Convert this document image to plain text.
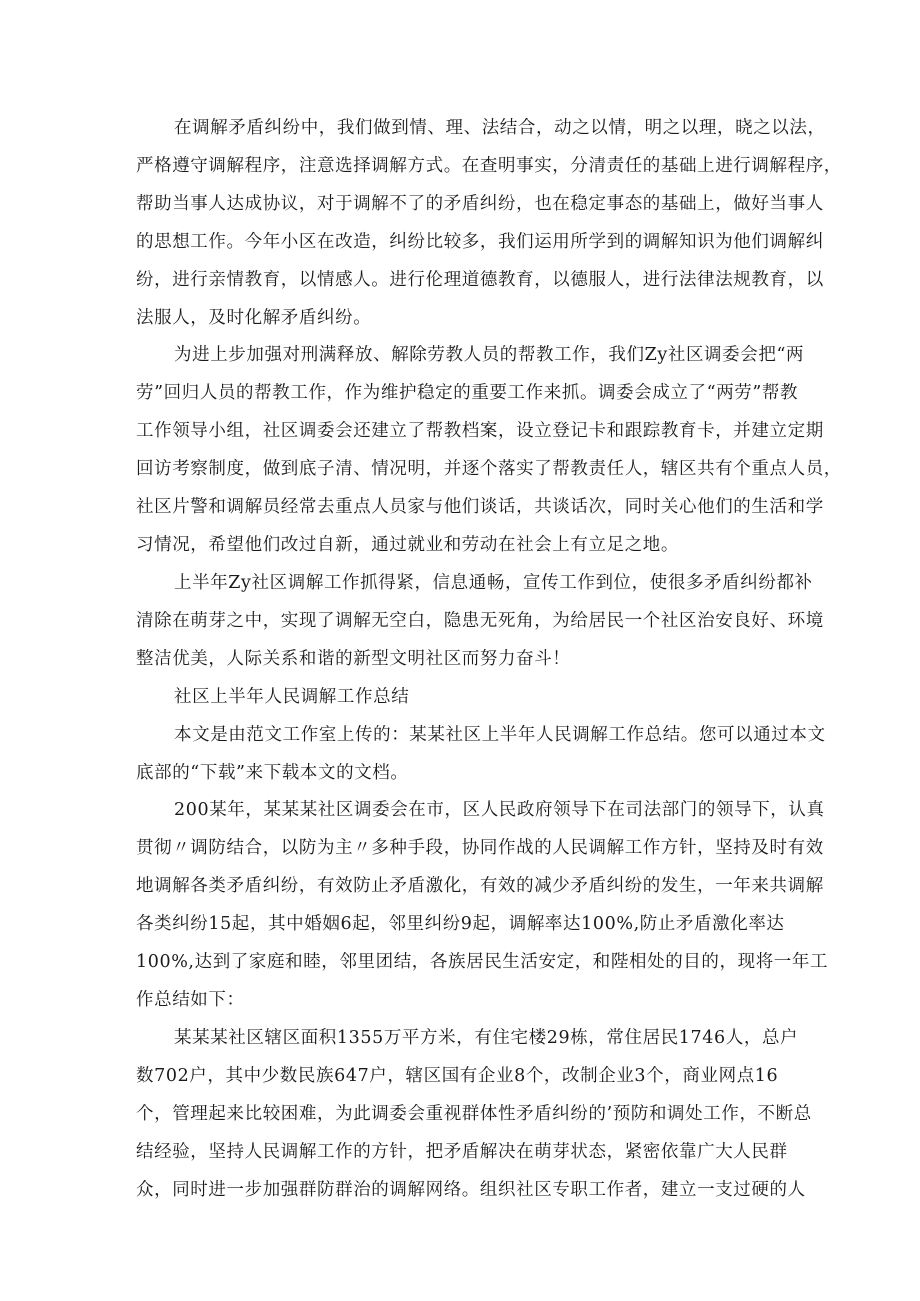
在调解矛盾纠纷中，我们做到情、理、法结合，动之以情，明之以理，晓之以法，

严格遵守调解程序，注意选择调解方式。在查明事实，分清责任的基础上进行调解程序，

帮助当事人达成协议，对于调解不了的矛盾纠纷，也在稳定事态的基础上，做好当事人

的思想工作。今年小区在改造，纠纷比较多，我们运用所学到的调解知识为他们调解纠

纷，进行亲情教育，以情感人。进行伦理道德教育，以德服人，进行法律法规教育，以

法服人，及时化解矛盾纠纷。

为进上步加强对刑满释放、解除劳教人员的帮教工作，我们Zy社区调委会把“两

劳”回归人员的帮教工作，作为维护稳定的重要工作来抓。调委会成立了“两劳”帮教

工作领导小组，社区调委会还建立了帮教档案，设立登记卡和跟踪教育卡，并建立定期

回访考察制度，做到底子清、情况明，并逐个落实了帮教责任人，辖区共有个重点人员，

社区片警和调解员经常去重点人员家与他们谈话，共谈话次，同时关心他们的生活和学

习情况，希望他们改过自新，通过就业和劳动在社会上有立足之地。

上半年Zy社区调解工作抓得紧，信息通畅，宣传工作到位，使很多矛盾纠纷都补

清除在萌芽之中，实现了调解无空白，隐患无死角，为给居民一个社区治安良好、环境

整洁优美，人际关系和谐的新型文明社区而努力奋斗！

社区上半年人民调解工作总结

本文是由范文工作室上传的：某某社区上半年人民调解工作总结。您可以通过本文

底部的“下载”来下载本文的文档。

200某年，某某某社区调委会在市，区人民政府领导下在司法部门的领导下，认真

贯彻〃调防结合，以防为主〃多种手段，协同作战的人民调解工作方针，坚持及时有效

地调解各类矛盾纠纷，有效防止矛盾激化，有效的减少矛盾纠纷的发生，一年来共调解

各类纠纷15起，其中婚姻6起，邻里纠纷9起，调解率达100%,防止矛盾激化率达

100%,达到了家庭和睦，邻里团结，各族居民生活安定，和陛相处的目的，现将一年工

作总结如下：

某某某社区辖区面积1355万平方米，有住宅楼29栋，常住居民1746人，总户

数702户，其中少数民族647户，辖区国有企业8个，改制企业3个，商业网点16

个，管理起来比较困难，为此调委会重视群体性矛盾纠纷的’预防和调处工作，不断总

结经验，坚持人民调解工作的方针，把矛盾解决在萌芽状态，紧密依靠广大人民群

众，同时进一步加强群防群治的调解网络。组织社区专职工作者，建立一支过硬的人
